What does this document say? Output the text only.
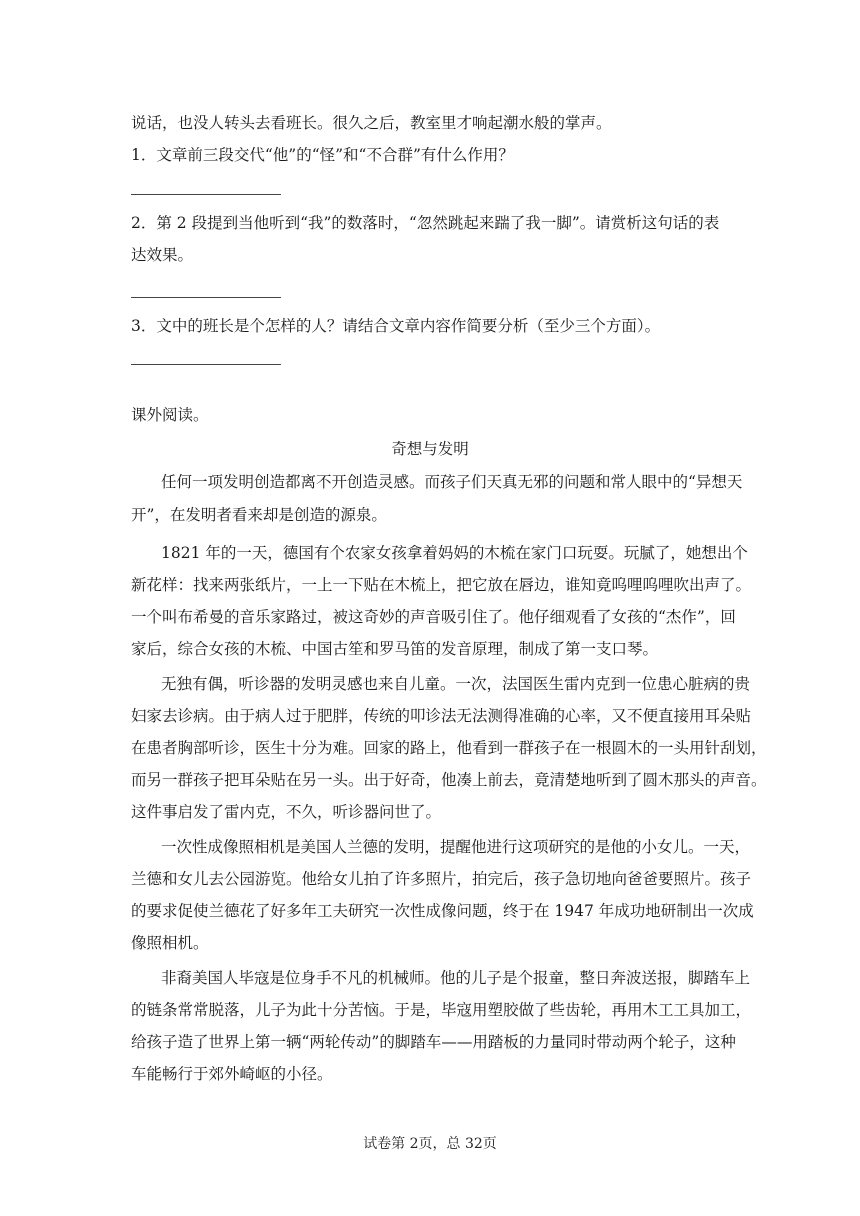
说话，也没人转头去看班长。很久之后，教室里才响起潮水般的掌声。
1．文章前三段交代“他”的“怪”和“不合群”有什么作用？
2．第 2 段提到当他听到“我”的数落时，“忽然跳起来踹了我一脚”。请赏析这句话的表
达效果。
3．文中的班长是个怎样的人？请结合文章内容作简要分析（至少三个方面）。
课外阅读。
奇想与发明
任何一项发明创造都离不开创造灵感。而孩子们天真无邪的问题和常人眼中的“异想天
开”，在发明者看来却是创造的源泉。
1821 年的一天，德国有个农家女孩拿着妈妈的木梳在家门口玩耍。玩腻了，她想出个
新花样：找来两张纸片，一上一下贴在木梳上，把它放在唇边，谁知竟呜哩呜哩吹出声了。
一个叫布希曼的音乐家路过，被这奇妙的声音吸引住了。他仔细观看了女孩的“杰作”，回
家后，综合女孩的木梳、中国古笙和罗马笛的发音原理，制成了第一支口琴。
无独有偶，听诊器的发明灵感也来自儿童。一次，法国医生雷内克到一位患心脏病的贵
妇家去诊病。由于病人过于肥胖，传统的叩诊法无法测得准确的心率，又不便直接用耳朵贴
在患者胸部听诊，医生十分为难。回家的路上，他看到一群孩子在一根圆木的一头用针刮划，
而另一群孩子把耳朵贴在另一头。出于好奇，他凑上前去，竟清楚地听到了圆木那头的声音。
这件事启发了雷内克，不久，听诊器问世了。
一次性成像照相机是美国人兰德的发明，提醒他进行这项研究的是他的小女儿。一天，
兰德和女儿去公园游览。他给女儿拍了许多照片，拍完后，孩子急切地向爸爸要照片。孩子
的要求促使兰德花了好多年工夫研究一次性成像问题，终于在 1947 年成功地研制出一次成
像照相机。
非裔美国人毕寇是位身手不凡的机械师。他的儿子是个报童，整日奔波送报，脚踏车上
的链条常常脱落，儿子为此十分苦恼。于是，毕寇用塑胶做了些齿轮，再用木工工具加工，
给孩子造了世界上第一辆“两轮传动”的脚踏车——用踏板的力量同时带动两个轮子，这种
车能畅行于郊外崎岖的小径。
试卷第 2页，总 32页
